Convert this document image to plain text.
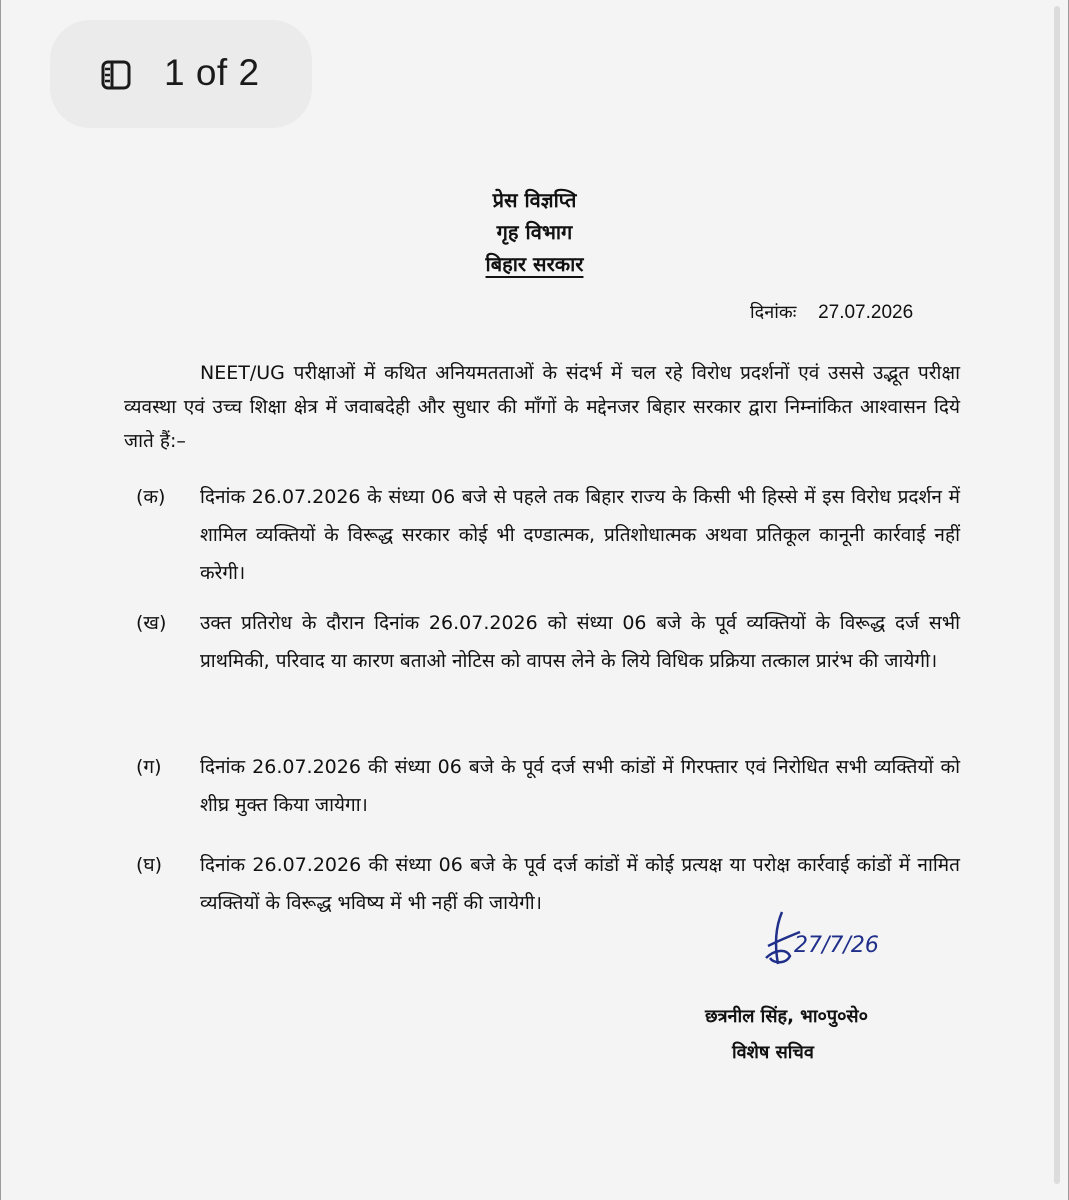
1 of 2
प्रेस विज्ञप्ति
गृह विभाग
बिहार सरकार
दिनांकः 27.07.2026
NEET/UG परीक्षाओं में कथित अनियमतताओं के संदर्भ में चल रहे विरोध प्रदर्शनों एवं उससे उद्भूत परीक्षा व्यवस्था एवं उच्च शिक्षा क्षेत्र में जवाबदेही और सुधार की माँगों के मद्देनजर बिहार सरकार द्वारा निम्नांकित आश्वासन दिये जाते हैं:–
(क) दिनांक 26.07.2026 के संध्या 06 बजे से पहले तक बिहार राज्य के किसी भी हिस्से में इस विरोध प्रदर्शन में शामिल व्यक्तियों के विरूद्ध सरकार कोई भी दण्डात्मक, प्रतिशोधात्मक अथवा प्रतिकूल कानूनी कार्रवाई नहीं करेगी।
(ख) उक्त प्रतिरोध के दौरान दिनांक 26.07.2026 को संध्या 06 बजे के पूर्व व्यक्तियों के विरूद्ध दर्ज सभी प्राथमिकी, परिवाद या कारण बताओ नोटिस को वापस लेने के लिये विधिक प्रक्रिया तत्काल प्रारंभ की जायेगी।
(ग) दिनांक 26.07.2026 की संध्या 06 बजे के पूर्व दर्ज सभी कांडों में गिरफ्तार एवं निरोधित सभी व्यक्तियों को शीघ्र मुक्त किया जायेगा।
(घ) दिनांक 26.07.2026 की संध्या 06 बजे के पूर्व दर्ज कांडों में कोई प्रत्यक्ष या परोक्ष कार्रवाई कांडों में नामित व्यक्तियों के विरूद्ध भविष्य में भी नहीं की जायेगी।
27/7/26
छत्रनील सिंह, भा०पु०से०
विशेष सचिव
